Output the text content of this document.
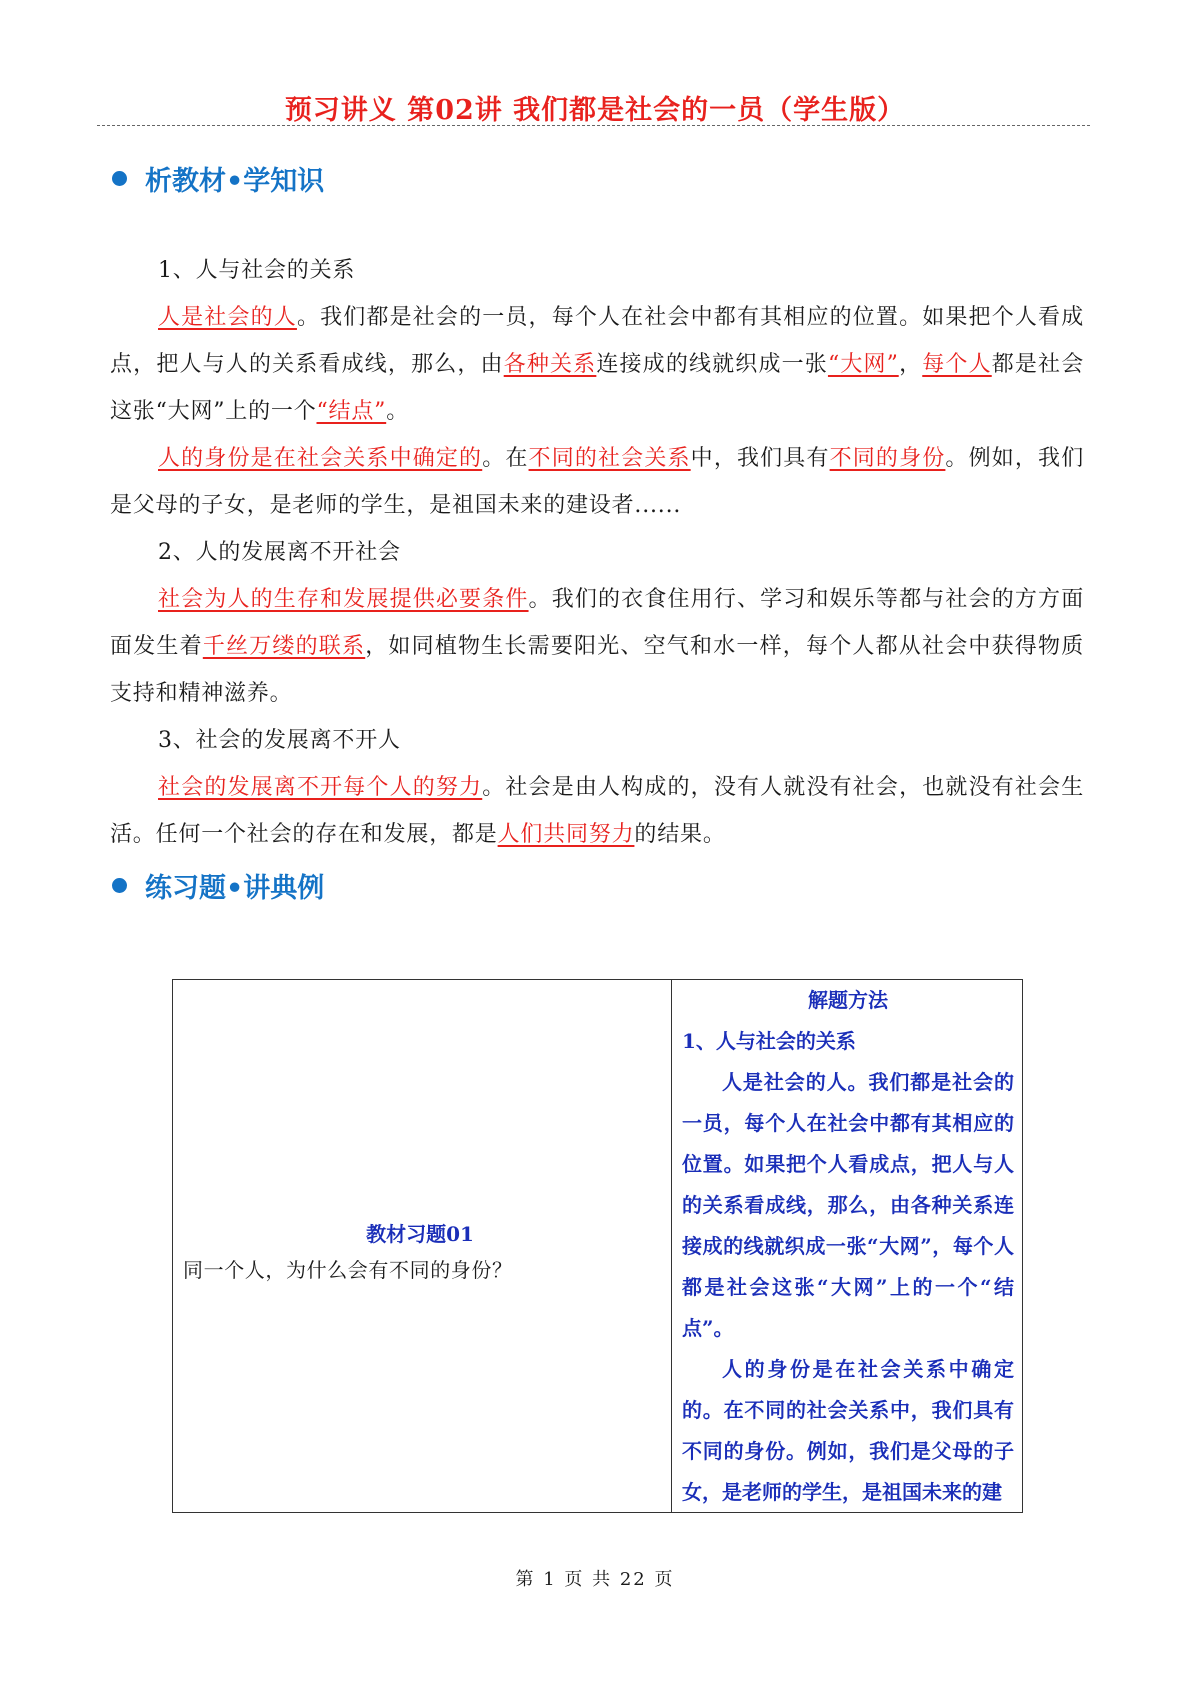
预习讲义 第02讲 我们都是社会的一员（学生版）
析教材•学知识

1、人与社会的关系

人是社会的人。我们都是社会的一员，每个人在社会中都有其相应的位置。如果把个人看成点，把人与人的关系看成线，那么，由各种关系连接成的线就织成一张“大网”，每个人都是社会这张“大网”上的一个“结点”。

人的身份是在社会关系中确定的。在不同的社会关系中，我们具有不同的身份。例如，我们是父母的子女，是老师的学生，是祖国未来的建设者......

2、人的发展离不开社会

社会为人的生存和发展提供必要条件。我们的衣食住用行、学习和娱乐等都与社会的方方面面发生着千丝万缕的联系，如同植物生长需要阳光、空气和水一样，每个人都从社会中获得物质支持和精神滋养。

3、社会的发展离不开人

社会的发展离不开每个人的努力。社会是由人构成的，没有人就没有社会，也就没有社会生活。任何一个社会的存在和发展，都是人们共同努力的结果。

练习题•讲典例
教材习题01
同一个人，为什么会有不同的身份？

解题方法
1、人与社会的关系

人是社会的人。我们都是社会的一员，每个人在社会中都有其相应的位置。如果把个人看成点，把人与人的关系看成线，那么，由各种关系连接成的线就织成一张“大网”，每个人都是社会这张“大网”上的一个“结点”。

人的身份是在社会关系中确定的。在不同的社会关系中，我们具有不同的身份。例如，我们是父母的子女，是老师的学生，是祖国未来的建

第 1 页 共 22 页
